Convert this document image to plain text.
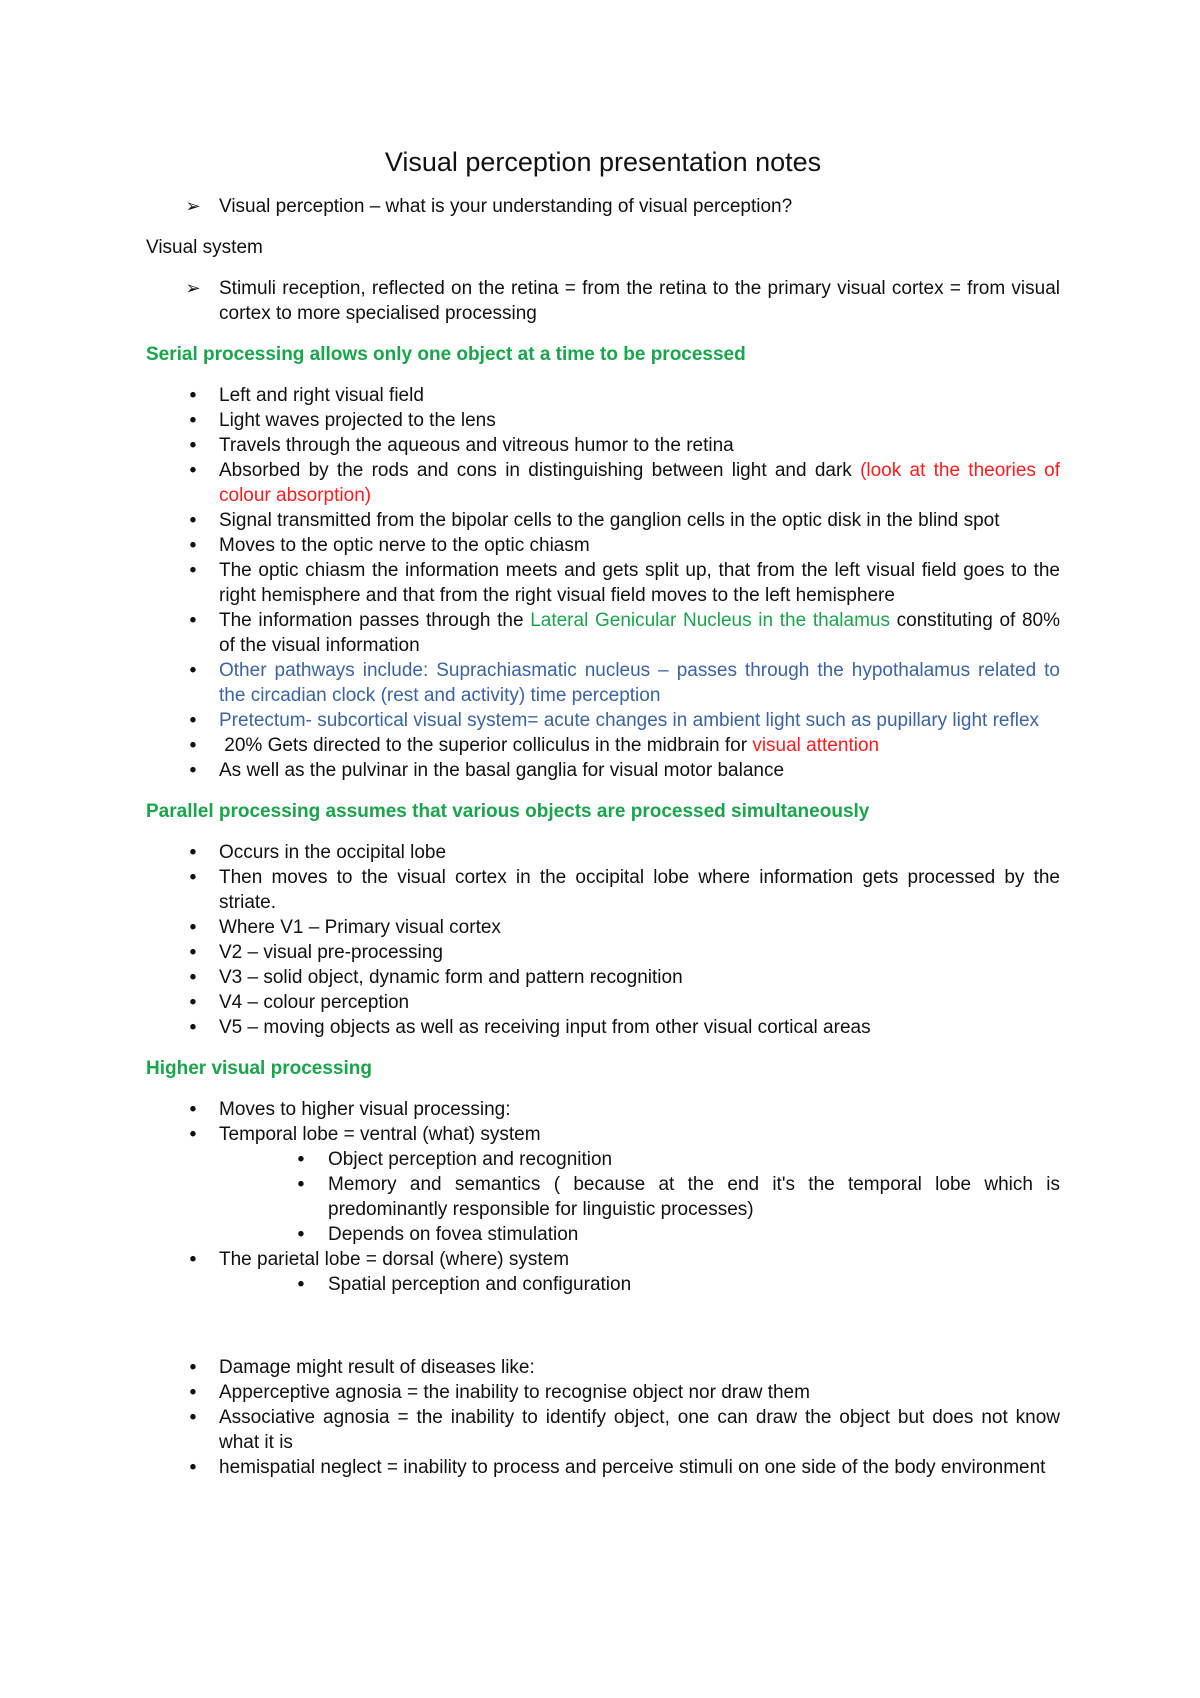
Visual perception presentation notes
➢ Visual perception – what is your understanding of visual perception?

Visual system

➢ Stimuli reception, reflected on the retina = from the retina to the primary visual cortex = from visual cortex to more specialised processing
Serial processing allows only one object at a time to be processed
•	Left and right visual field
•	Light waves projected to the lens
•	Travels through the aqueous and vitreous humor to the retina
•	Absorbed by the rods and cons in distinguishing between light and dark (look at the theories of colour absorption)
•	Signal transmitted from the bipolar cells to the ganglion cells in the optic disk in the blind spot
•	Moves to the optic nerve to the optic chiasm
•	The optic chiasm the information meets and gets split up, that from the left visual field goes to the right hemisphere and that from the right visual field moves to the left hemisphere
•	The information passes through the Lateral Genicular Nucleus in the thalamus constituting of 80% of the visual information
•	Other pathways include: Suprachiasmatic nucleus – passes through the hypothalamus related to the circadian clock (rest and activity) time perception
•	Pretectum- subcortical visual system= acute changes in ambient light such as pupillary light reflex
•	20% Gets directed to the superior colliculus in the midbrain for visual attention
•	As well as the pulvinar in the basal ganglia for visual motor balance
Parallel processing assumes that various objects are processed simultaneously
•	Occurs in the occipital lobe
•	Then moves to the visual cortex in the occipital lobe where information gets processed by the striate.
•	Where V1 – Primary visual cortex
•	V2 – visual pre-processing
•	V3 – solid object, dynamic form and pattern recognition
•	V4 – colour perception
•	V5 – moving objects as well as receiving input from other visual cortical areas
Higher visual processing
•	Moves to higher visual processing:
•	Temporal lobe = ventral (what) system
•	Object perception and recognition
•	Memory and semantics ( because at the end it's the temporal lobe which is predominantly responsible for linguistic processes)
•	Depends on fovea stimulation
•	The parietal lobe = dorsal (where) system
•	Spatial perception and configuration
•	Damage might result of diseases like:
•	Apperceptive agnosia = the inability to recognise object nor draw them
•	Associative agnosia = the inability to identify object, one can draw the object but does not know what it is
•	hemispatial neglect = inability to process and perceive stimuli on one side of the body environment
